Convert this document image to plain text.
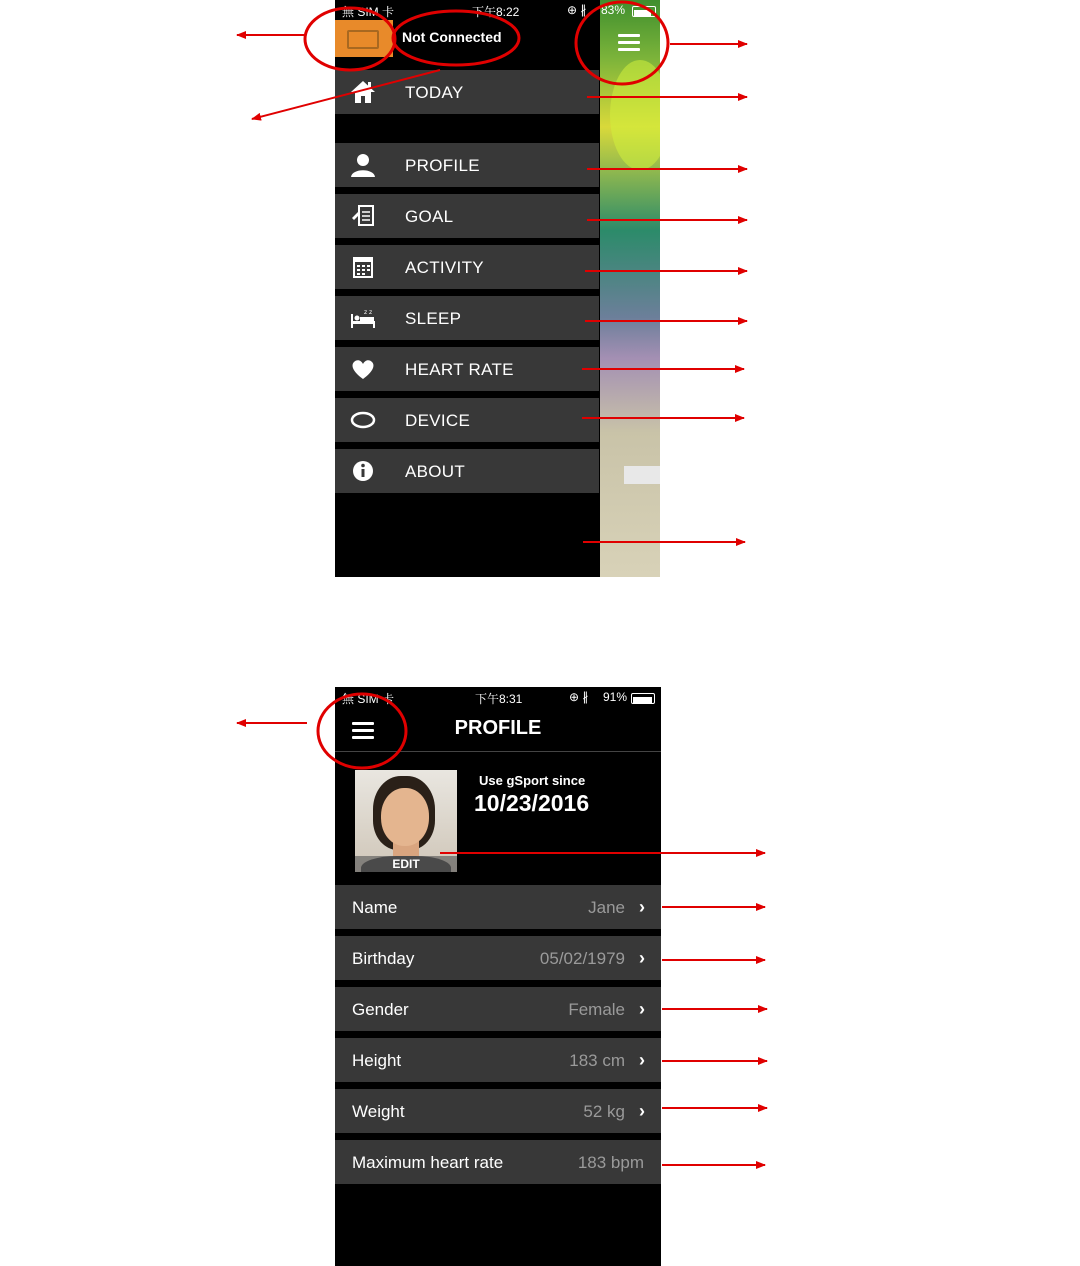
無 SIM 卡	下午8:22	⊕ ∦ 83%
Not Connected
TODAY
PROFILE
GOAL
ACTIVITY
z z SLEEP
HEART RATE
DEVICE
ABOUT
無 SIM 卡	下午8:31	⊕ ∦ 91%
PROFILE
EDIT
Use gSport since
10/23/2016
Name	Jane ›
Birthday	05/02/1979 ›
Gender	Female ›
Height	183 cm ›
Weight	52 kg ›
Maximum heart rate	183 bpm
